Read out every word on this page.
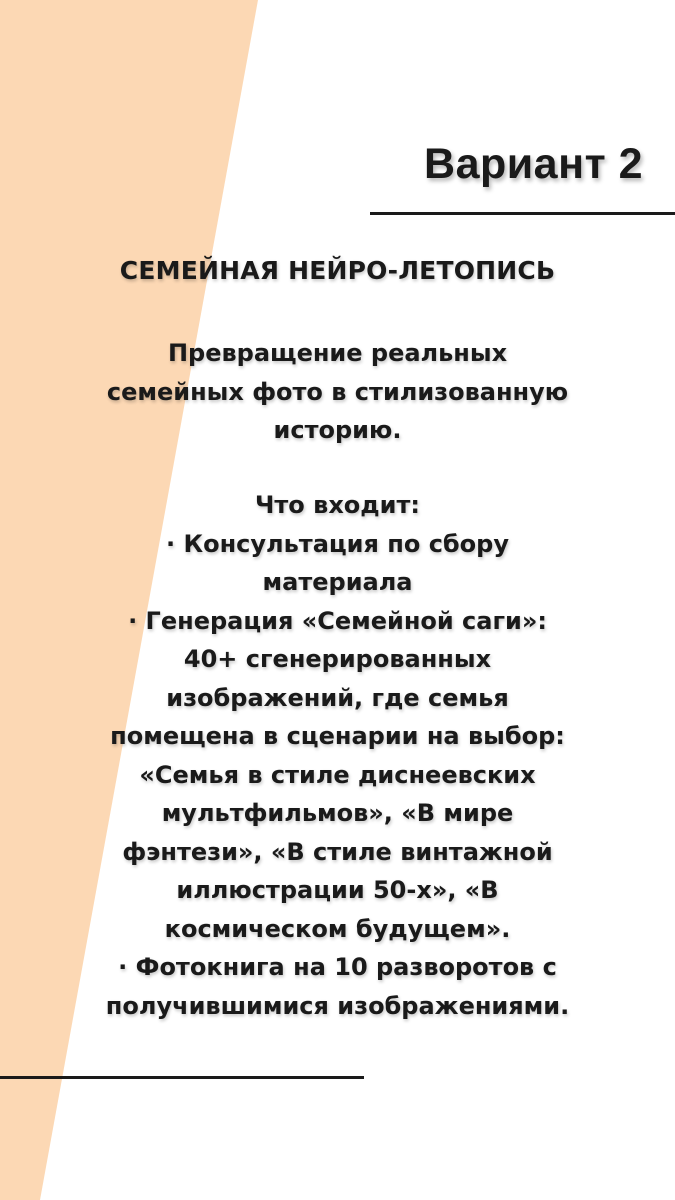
Вариант 2
СЕМЕЙНАЯ НЕЙРО-ЛЕТОПИСЬ
Превращение реальных
семейных фото в стилизованную
историю.
Что входит:
· Консультация по сбору
материала
· Генерация «Семейной саги»:
40+ сгенерированных
изображений, где семья
помещена в сценарии на выбор:
«Семья в стиле диснеевских
мультфильмов», «В мире
фэнтези», «В стиле винтажной
иллюстрации 50-х», «В
космическом будущем».
· Фотокнига на 10 разворотов с
получившимися изображениями.
